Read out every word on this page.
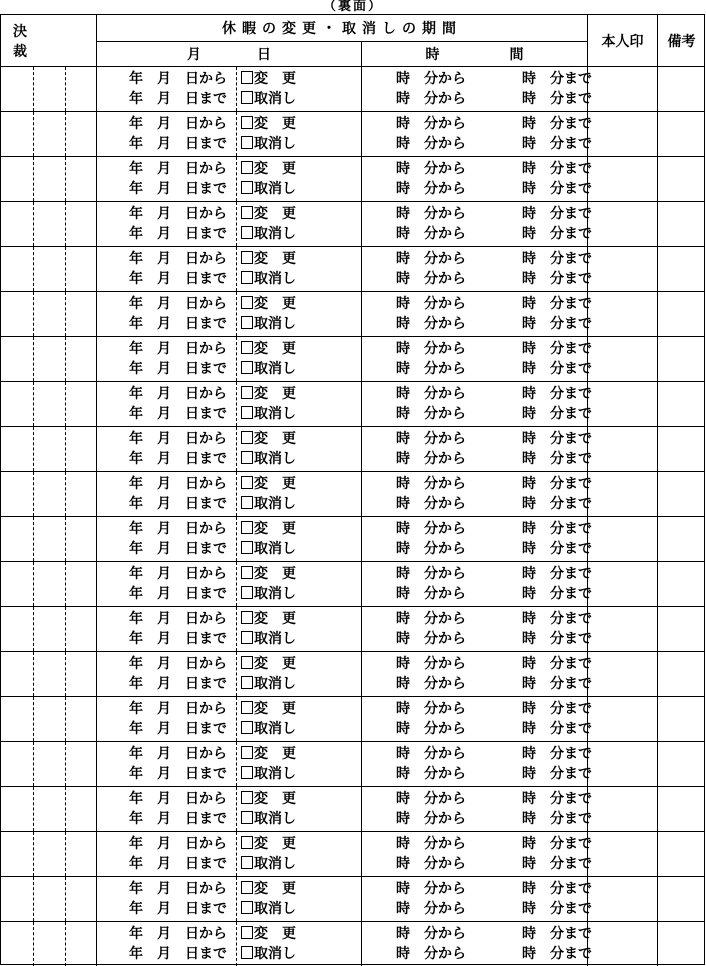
（裏面）
決　裁
休暇の変更・取消しの期間
月　　　　日	時　　　　　間
本人印	備考
年　月　日から
年　月　日まで
変　更
取消し
時　分から　　　　時　分まで
時　分から　　　　時　分まで
年　月　日から
年　月　日まで
変　更
取消し
時　分から　　　　時　分まで
時　分から　　　　時　分まで
年　月　日から
年　月　日まで
変　更
取消し
時　分から　　　　時　分まで
時　分から　　　　時　分まで
年　月　日から
年　月　日まで
変　更
取消し
時　分から　　　　時　分まで
時　分から　　　　時　分まで
年　月　日から
年　月　日まで
変　更
取消し
時　分から　　　　時　分まで
時　分から　　　　時　分まで
年　月　日から
年　月　日まで
変　更
取消し
時　分から　　　　時　分まで
時　分から　　　　時　分まで
年　月　日から
年　月　日まで
変　更
取消し
時　分から　　　　時　分まで
時　分から　　　　時　分まで
年　月　日から
年　月　日まで
変　更
取消し
時　分から　　　　時　分まで
時　分から　　　　時　分まで
年　月　日から
年　月　日まで
変　更
取消し
時　分から　　　　時　分まで
時　分から　　　　時　分まで
年　月　日から
年　月　日まで
変　更
取消し
時　分から　　　　時　分まで
時　分から　　　　時　分まで
年　月　日から
年　月　日まで
変　更
取消し
時　分から　　　　時　分まで
時　分から　　　　時　分まで
年　月　日から
年　月　日まで
変　更
取消し
時　分から　　　　時　分まで
時　分から　　　　時　分まで
年　月　日から
年　月　日まで
変　更
取消し
時　分から　　　　時　分まで
時　分から　　　　時　分まで
年　月　日から
年　月　日まで
変　更
取消し
時　分から　　　　時　分まで
時　分から　　　　時　分まで
年　月　日から
年　月　日まで
変　更
取消し
時　分から　　　　時　分まで
時　分から　　　　時　分まで
年　月　日から
年　月　日まで
変　更
取消し
時　分から　　　　時　分まで
時　分から　　　　時　分まで
年　月　日から
年　月　日まで
変　更
取消し
時　分から　　　　時　分まで
時　分から　　　　時　分まで
年　月　日から
年　月　日まで
変　更
取消し
時　分から　　　　時　分まで
時　分から　　　　時　分まで
年　月　日から
年　月　日まで
変　更
取消し
時　分から　　　　時　分まで
時　分から　　　　時　分まで
年　月　日から
年　月　日まで
変　更
取消し
時　分から　　　　時　分まで
時　分から　　　　時　分まで
